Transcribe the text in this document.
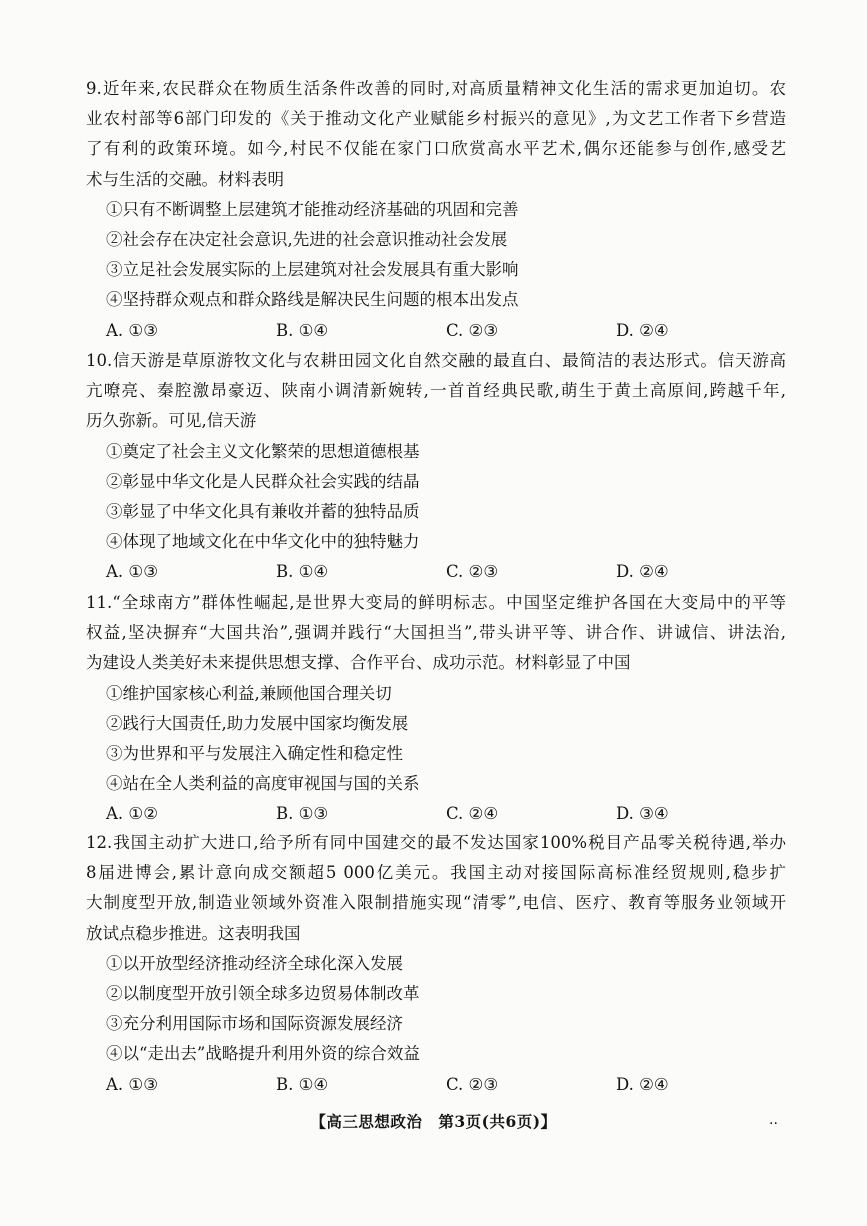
9.近年来,农民群众在物质生活条件改善的同时,对高质量精神文化生活的需求更加迫切。农
业农村部等6部门印发的《关于推动文化产业赋能乡村振兴的意见》,为文艺工作者下乡营造
了有利的政策环境。如今,村民不仅能在家门口欣赏高水平艺术,偶尔还能参与创作,感受艺
术与生活的交融。材料表明
①只有不断调整上层建筑才能推动经济基础的巩固和完善
②社会存在决定社会意识,先进的社会意识推动社会发展
③立足社会发展实际的上层建筑对社会发展具有重大影响
④坚持群众观点和群众路线是解决民生问题的根本出发点
A. ①③	B. ①④	C. ②③	D. ②④
10.信天游是草原游牧文化与农耕田园文化自然交融的最直白、最简洁的表达形式。信天游高
亢嘹亮、秦腔激昂豪迈、陕南小调清新婉转,一首首经典民歌,萌生于黄土高原间,跨越千年,
历久弥新。可见,信天游
①奠定了社会主义文化繁荣的思想道德根基
②彰显中华文化是人民群众社会实践的结晶
③彰显了中华文化具有兼收并蓄的独特品质
④体现了地域文化在中华文化中的独特魅力
A. ①③	B. ①④	C. ②③	D. ②④
11.“全球南方”群体性崛起,是世界大变局的鲜明标志。中国坚定维护各国在大变局中的平等
权益,坚决摒弃“大国共治”,强调并践行“大国担当”,带头讲平等、讲合作、讲诚信、讲法治,
为建设人类美好未来提供思想支撑、合作平台、成功示范。材料彰显了中国
①维护国家核心利益,兼顾他国合理关切
②践行大国责任,助力发展中国家均衡发展
③为世界和平与发展注入确定性和稳定性
④站在全人类利益的高度审视国与国的关系
A. ①②	B. ①③	C. ②④	D. ③④
12.我国主动扩大进口,给予所有同中国建交的最不发达国家100%税目产品零关税待遇,举办
8届进博会,累计意向成交额超5 000亿美元。我国主动对接国际高标准经贸规则,稳步扩
大制度型开放,制造业领域外资准入限制措施实现“清零”,电信、医疗、教育等服务业领域开
放试点稳步推进。这表明我国
①以开放型经济推动经济全球化深入发展
②以制度型开放引领全球多边贸易体制改革
③充分利用国际市场和国际资源发展经济
④以“走出去”战略提升利用外资的综合效益
A. ①③	B. ①④	C. ②③	D. ②④
【高三思想政治　第3页(共6页)】	..
